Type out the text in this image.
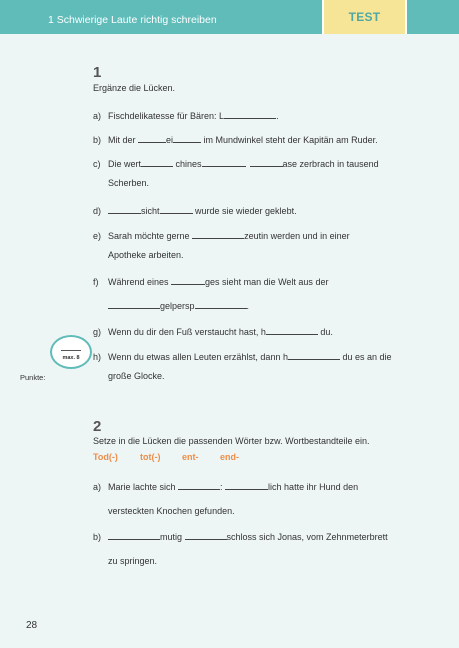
1 Schwierige Laute richtig schreiben	TEST
1
Ergänze die Lücken.
a) Fischdelikatesse für Bären: L	.
b) Mit der	ei	im Mundwinkel steht der Kapitän am Ruder.
c) Die wert	chines	ase zerbrach in tausend
Scherben.
d)	sicht	wurde sie wieder geklebt.
e) Sarah möchte gerne	zeutin werden und in einer
Apotheke arbeiten.
f) Während eines	ges sieht man die Welt aus der
gelpersp	.
g) Wenn du dir den Fuß verstaucht hast, h	du.
h) Wenn du etwas allen Leuten erzählst, dann h	du es an die
große Glocke.
Punkte:
max. 8
2
Setze in die Lücken die passenden Wörter bzw. Wortbestandteile ein.
Tod(-) tot(-) ent- end-
a) Marie lachte sich	:	lich hatte ihr Hund den
versteckten Knochen gefunden.
b)	mutig	schloss sich Jonas, vom Zehnmeterbrett
zu springen.
28
